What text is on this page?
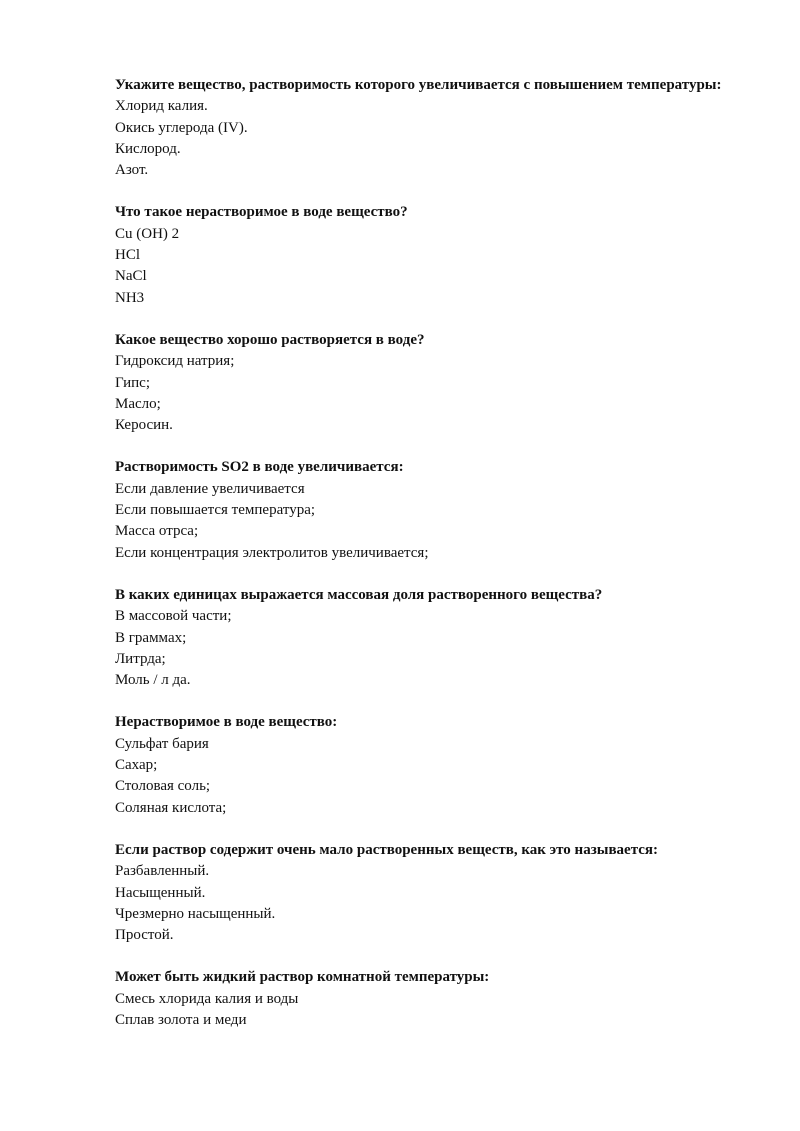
Укажите вещество, растворимость которого увеличивается с повышением температуры:

Хлорид калия.

Окись углерода (IV).

Кислород.

Азот.

Что такое нерастворимое в воде вещество?

Cu (OH) 2

HCl

NaCl

NH3

Какое вещество хорошо растворяется в воде?

Гидроксид натрия;

Гипс;

Масло;

Керосин.

Растворимость SO2 в воде увеличивается:

Если давление увеличивается

Если повышается температура;

Масса отрса;

Если концентрация электролитов увеличивается;

В каких единицах выражается массовая доля растворенного вещества?

В массовой части;

В граммах;

Литрда;

Моль / л да.

Нерастворимое в воде вещество:

Сульфат бария

Сахар;

Столовая соль;

Соляная кислота;

Если раствор содержит очень мало растворенных веществ, как это называется:

Разбавленный.

Насыщенный.

Чрезмерно насыщенный.

Простой.

Может быть жидкий раствор комнатной температуры:

Смесь хлорида калия и воды

Сплав золота и меди
